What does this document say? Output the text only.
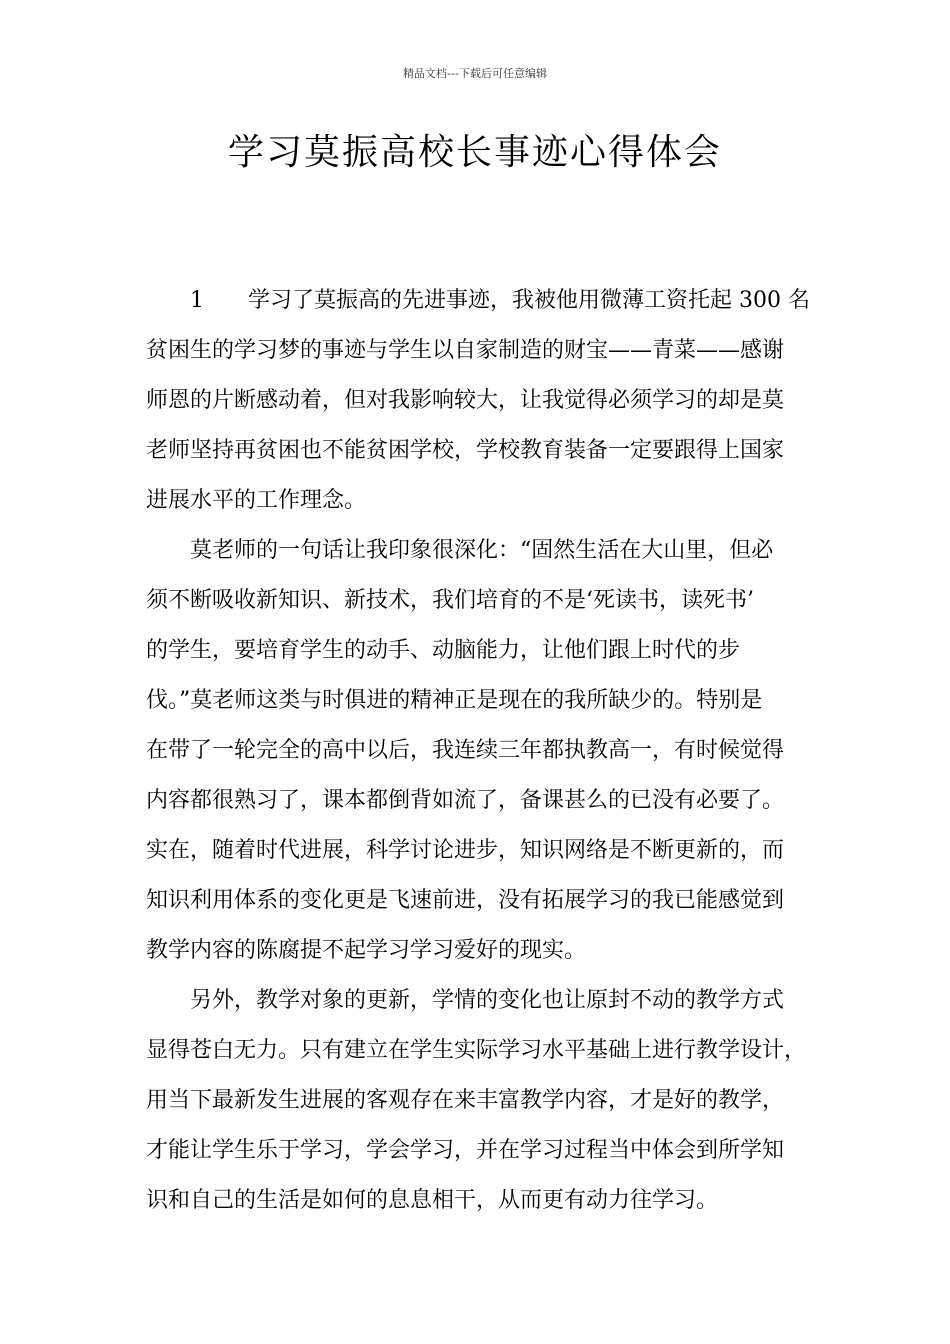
精品文档---下载后可任意编辑
学习莫振高校长事迹心得体会
1　　学习了莫振高的先进事迹，我被他用微薄工资托起 300 名
贫困生的学习梦的事迹与学生以自家制造的财宝——青菜——感谢
师恩的片断感动着，但对我影响较大，让我觉得必须学习的却是莫
老师坚持再贫困也不能贫困学校，学校教育装备一定要跟得上国家
进展水平的工作理念。
莫老师的一句话让我印象很深化：“固然生活在大山里，但必
须不断吸收新知识、新技术，我们培育的不是‘死读书，读死书’
的学生，要培育学生的动手、动脑能力，让他们跟上时代的步
伐。”莫老师这类与时俱进的精神正是现在的我所缺少的。特别是
在带了一轮完全的高中以后，我连续三年都执教高一，有时候觉得
内容都很熟习了，课本都倒背如流了，备课甚么的已没有必要了。
实在，随着时代进展，科学讨论进步，知识网络是不断更新的，而
知识利用体系的变化更是飞速前进，没有拓展学习的我已能感觉到
教学内容的陈腐提不起学习学习爱好的现实。
另外，教学对象的更新，学情的变化也让原封不动的教学方式
显得苍白无力。只有建立在学生实际学习水平基础上进行教学设计，
用当下最新发生进展的客观存在来丰富教学内容，才是好的教学，
才能让学生乐于学习，学会学习，并在学习过程当中体会到所学知
识和自己的生活是如何的息息相干，从而更有动力往学习。
